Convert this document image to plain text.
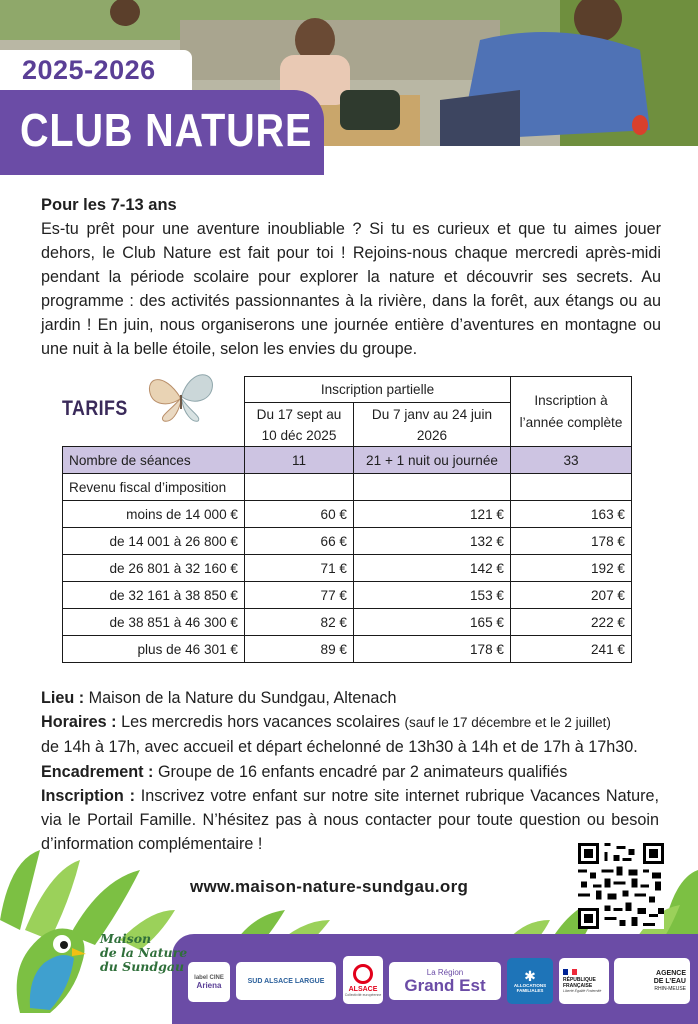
2025-2026
CLUB NATURE
Pour les 7-13 ans
Es-tu prêt pour une aventure inoubliable ? Si tu es curieux et que tu aimes jouer dehors, le Club Nature est fait pour toi ! Rejoins-nous chaque mercredi après-midi pendant la période scolaire pour explorer la nature et découvrir ses secrets. Au programme : des activités passionnantes à la rivière, dans la forêt, aux étangs ou au jardin ! En juin, nous organiserons une journée entière d’aventures en montagne ou une nuit à la belle étoile, selon les envies du groupe.
TARIFS
	Inscription partielle		Inscription à l’année complète
	Du 17 sept au 10 déc 2025	Du 7 janv au 24 juin 2026	
Nombre de séances	11	21 + 1 nuit ou journée	33
Revenu fiscal d’imposition			
moins de 14 000 €	60 €	121 €	163 €
de 14 001 à 26 800 €	66 €	132 €	178 €
de 26 801 à 32 160 €	71 €	142 €	192 €
de 32 161 à 38 850 €	77 €	153 €	207 €
de 38 851 à 46 300 €	82 €	165 €	222 €
plus de 46 301 €	89 €	178 €	241 €
Lieu : Maison de la Nature du Sundgau, Altenach
Horaires : Les mercredis hors vacances scolaires (sauf le 17 décembre et le 2 juillet)
de 14h à 17h, avec accueil et départ échelonné de 13h30 à 14h et de 17h à 17h30.
Encadrement : Groupe de 16 enfants encadré par 2 animateurs qualifiés
Inscription : Inscrivez votre enfant sur notre site internet rubrique Vacances Nature, via le Portail Famille. N’hésitez pas à nous contacter pour toute question ou besoin d’information complémentaire !
www.maison-nature-sundgau.org
Maison
de la Nature
du Sundgau
label CINE
Ariena	SUD ALSACE LARGUE
ALSACE
Collectivité européenne
La Région
Grand Est	✱
ALLOCATIONS FAMILIALES
RÉPUBLIQUE FRANÇAISE
Liberté Égalité Fraternité
AGENCE
DE L’EAU
RHIN-MEUSE
